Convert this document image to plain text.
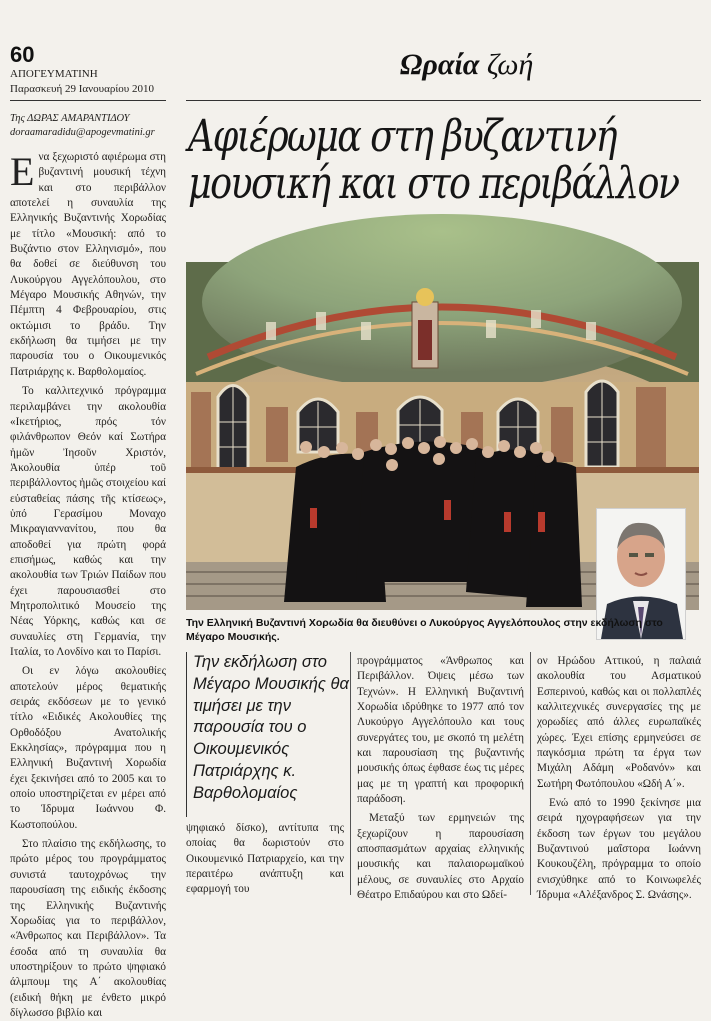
60
ΑΠΟΓΕΥΜΑΤΙΝΗ
Παρασκευή 29 Ιανουαρίου 2010
Ωραία ζωή
Της ΔΩΡΑΣ ΑΜΑΡΑΝΤΙΔΟΥ
doraamaradidu@apogevmatini.gr Αφιέρωμα στη βυζαντινή
μουσική και στο περιβάλλον

Ενα ξεχωριστό αφιέρωμα στη βυζαντινή μουσική τέχνη και στο περιβάλλον αποτελεί η συναυλία της Ελληνικής Βυζαντινής Χορωδίας με τίτλο «Μουσική: από το Βυζάντιο στον Ελληνισμό», που θα δοθεί σε διεύθυνση του Λυκούργου Αγγελόπουλου, στο Μέγαρο Μουσικής Αθηνών, την Πέμπτη 4 Φεβρουαρίου, στις οκτώμισι το βράδυ. Την εκδήλωση θα τιμήσει με την παρουσία του ο Οικουμενικός Πατριάρχης κ. Βαρθολομαίος.

Το καλλιτεχνικό πρόγραμμα περιλαμβάνει την ακολουθία «Ικετήριος, πρός τόν φιλάνθρωπον Θεόν καί Σωτήρα ἡμῶν Ἰησοῦν Χριστόν, Ἀκολουθία ὑπέρ τοῦ περιβάλλοντος ἡμῶς στοιχείου καί εὐσταθείας πάσης τῆς κτίσεως», ὑπό Γερασίμου Μοναχο Μικραγιαννανίτου, που θα αποδοθεί για πρώτη φορά επισήμως, καθώς και την ακολουθία των Τριών Παίδων που έχει παρουσιασθεί στο Μητροπολιτικό Μουσείο της Νέας Υόρκης, καθώς και σε συναυλίες στη Γερμανία, την Ιταλία, το Λονδίνο και το Παρίσι.

Οι εν λόγω ακολουθίες αποτελούν μέρος θεματικής σειράς εκδόσεων με το γενικό τίτλο «Ειδικές Ακολουθίες της Ορθοδόξου Ανατολικής Εκκλησίας», πρόγραμμα που η Ελληνική Βυζαντινή Χορωδία έχει ξεκινήσει από το 2005 και το οποίο υποστηρίζεται εν μέρει από το Ίδρυμα Ιωάννου Φ. Κωστοπούλου.

Στο πλαίσιο της εκδήλωσης, το πρώτο μέρος του προγράμματος συνιστά ταυτοχρόνως την παρουσίαση της ειδικής έκδοσης της Ελληνικής Βυζαντινής Χορωδίας για το περιβάλλον, «Άνθρωπος και Περιβάλλον». Τα έσοδα από τη συναυλία θα υποστηρίξουν το πρώτο ψηφιακό άλμπουμ της Α΄ ακολουθίας (ειδική θήκη με ένθετο μικρό δίγλωσσο βιβλίο και

Την Ελληνική Βυζαντινή Χορωδία θα διευθύνει ο Λυκούργος Αγγελόπουλος στην εκδήλωση στο Μέγαρο Μουσικής.
Την εκδήλωση στο Μέγαρο Μουσικής θα τιμήσει με την παρουσία του ο Οικουμενικός Πατριάρχης κ. Βαρθολομαίος

ψηφιακό δίσκο), αντίτυπα της οποίας θα δωριστούν στο Οικουμενικό Πατριαρχείο, και την περαιτέρω ανάπτυξη και εφαρμογή του

προγράμματος «Άνθρωπος και Περιβάλλον. Όψεις μέσω των Τεχνών». Η Ελληνική Βυζαντινή Χορωδία ιδρύθηκε το 1977 από τον Λυκούργο Αγγελόπουλο και τους συνεργάτες του, με σκοπό τη μελέτη και παρουσίαση της βυζαντινής μουσικής όπως έφθασε έως τις μέρες μας με τη γραπτή και προφορική παράδοση.

Μεταξύ των ερμηνειών της ξεχωρίζουν η παρουσίαση αποσπασμάτων αρχαίας ελληνικής μουσικής και παλαιορωμαϊκού μέλους, σε συναυλίες στο Αρχαίο Θέατρο Επιδαύρου και στο Ωδεί-

ον Ηρώδου Αττικού, η παλαιά ακολουθία του Ασματικού Εσπερινού, καθώς και οι πολλαπλές καλλιτεχνικές συνεργασίες της με χορωδίες από άλλες ευρωπαϊκές χώρες. Έχει επίσης ερμηνεύσει σε παγκόσμια πρώτη τα έργα των Μιχάλη Αδάμη «Ροδανόν» και Σωτήρη Φωτόπουλου «Ωδή Α΄».

Ενώ από το 1990 ξεκίνησε μια σειρά ηχογραφήσεων για την έκδοση των έργων του μεγάλου Βυζαντινού μαΐστορα Ιωάννη Κουκουζέλη, πρόγραμμα το οποίο ενισχύθηκε από το Κοινωφελές Ίδρυμα «Αλέξανδρος Σ. Ωνάσης».
